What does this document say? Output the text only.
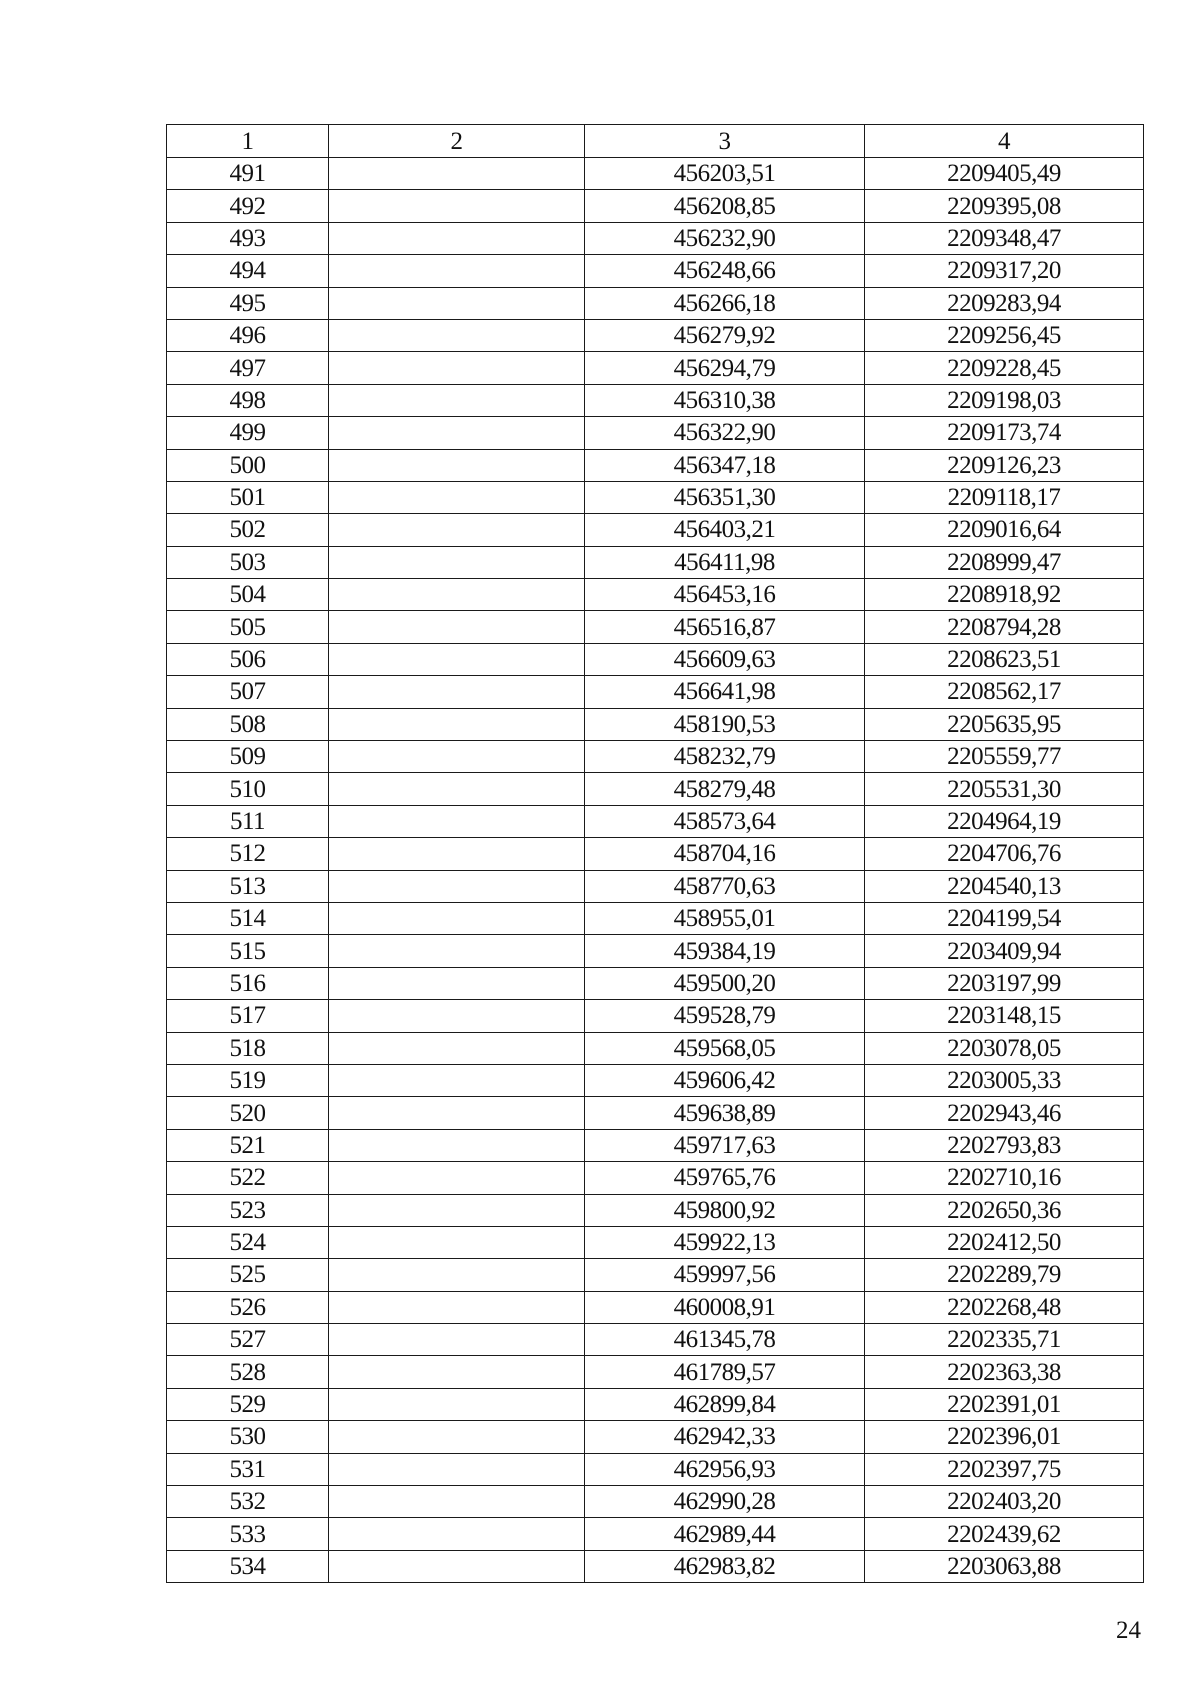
1	2	3	4
491		456203,51	2209405,49
492		456208,85	2209395,08
493		456232,90	2209348,47
494		456248,66	2209317,20
495		456266,18	2209283,94
496		456279,92	2209256,45
497		456294,79	2209228,45
498		456310,38	2209198,03
499		456322,90	2209173,74
500		456347,18	2209126,23
501		456351,30	2209118,17
502		456403,21	2209016,64
503		456411,98	2208999,47
504		456453,16	2208918,92
505		456516,87	2208794,28
506		456609,63	2208623,51
507		456641,98	2208562,17
508		458190,53	2205635,95
509		458232,79	2205559,77
510		458279,48	2205531,30
511		458573,64	2204964,19
512		458704,16	2204706,76
513		458770,63	2204540,13
514		458955,01	2204199,54
515		459384,19	2203409,94
516		459500,20	2203197,99
517		459528,79	2203148,15
518		459568,05	2203078,05
519		459606,42	2203005,33
520		459638,89	2202943,46
521		459717,63	2202793,83
522		459765,76	2202710,16
523		459800,92	2202650,36
524		459922,13	2202412,50
525		459997,56	2202289,79
526		460008,91	2202268,48
527		461345,78	2202335,71
528		461789,57	2202363,38
529		462899,84	2202391,01
530		462942,33	2202396,01
531		462956,93	2202397,75
532		462990,28	2202403,20
533		462989,44	2202439,62
534		462983,82	2203063,88
24
